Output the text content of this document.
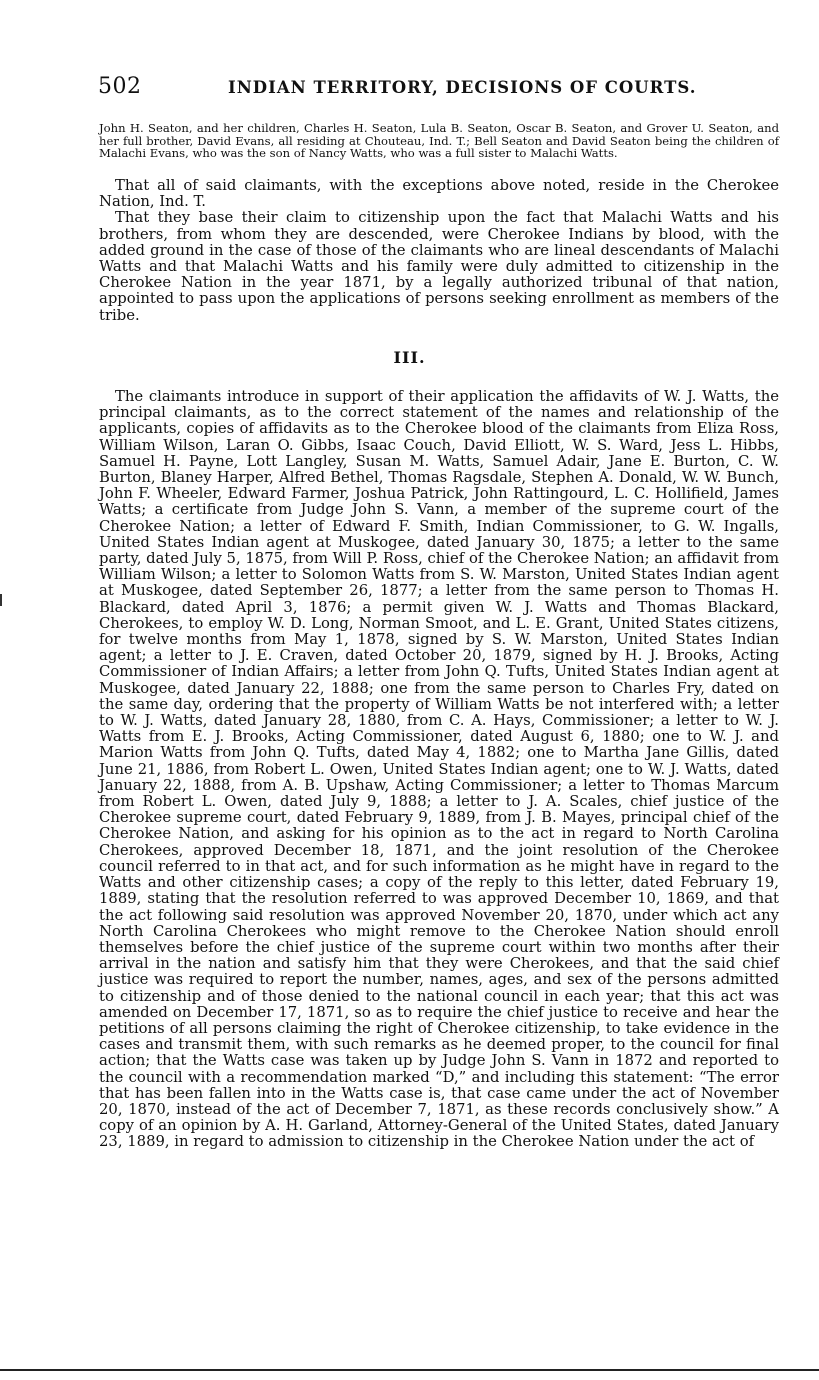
502	INDIAN TERRITORY, DECISIONS OF COURTS.
John H. Seaton, and her children, Charles H. Seaton, Lula B. Seaton, Oscar B. Seaton, and Grover U. Seaton, and her full brother, David Evans, all residing at Chouteau, Ind. T.; Bell Seaton and David Seaton being the children of Malachi Evans, who was the son of Nancy Watts, who was a full sister to Malachi Watts.

That all of said claimants, with the exceptions above noted, reside in the Cherokee Nation, Ind. T.

That they base their claim to citizenship upon the fact that Malachi Watts and his brothers, from whom they are descended, were Cherokee Indians by blood, with the added ground in the case of those of the claimants who are lineal descendants of Malachi Watts and that Malachi Watts and his family were duly admitted to citizenship in the Cherokee Nation in the year 1871, by a legally authorized tribunal of that nation, appointed to pass upon the applications of persons seeking enrollment as members of the tribe.

III.

The claimants introduce in support of their application the affidavits of W. J. Watts, the principal claimants, as to the correct statement of the names and relationship of the applicants, copies of affidavits as to the Cherokee blood of the claimants from Eliza Ross, William Wilson, Laran O. Gibbs, Isaac Couch, David Elliott, W. S. Ward, Jess L. Hibbs, Samuel H. Payne, Lott Langley, Susan M. Watts, Samuel Adair, Jane E. Burton, C. W. Burton, Blaney Harper, Alfred Bethel, Thomas Ragsdale, Stephen A. Donald, W. W. Bunch, John F. Wheeler, Edward Farmer, Joshua Patrick, John Rattingourd, L. C. Hollifield, James Watts; a certificate from Judge John S. Vann, a member of the supreme court of the Cherokee Nation; a letter of Edward F. Smith, Indian Commissioner, to G. W. Ingalls, United States Indian agent at Muskogee, dated January 30, 1875; a letter to the same party, dated July 5, 1875, from Will P. Ross, chief of the Cherokee Nation; an affidavit from William Wilson; a letter to Solomon Watts from S. W. Marston, United States Indian agent at Muskogee, dated September 26, 1877; a letter from the same person to Thomas H. Blackard, dated April 3, 1876; a permit given W. J. Watts and Thomas Blackard, Cherokees, to employ W. D. Long, Norman Smoot, and L. E. Grant, United States citizens, for twelve months from May 1, 1878, signed by S. W. Marston, United States Indian agent; a letter to J. E. Craven, dated October 20, 1879, signed by H. J. Brooks, Acting Commissioner of Indian Affairs; a letter from John Q. Tufts, United States Indian agent at Muskogee, dated January 22, 1888; one from the same person to Charles Fry, dated on the same day, ordering that the property of William Watts be not interfered with; a letter to W. J. Watts, dated January 28, 1880, from C. A. Hays, Commissioner; a letter to W. J. Watts from E. J. Brooks, Acting Commissioner, dated August 6, 1880; one to W. J. and Marion Watts from John Q. Tufts, dated May 4, 1882; one to Martha Jane Gillis, dated June 21, 1886, from Robert L. Owen, United States Indian agent; one to W. J. Watts, dated January 22, 1888, from A. B. Upshaw, Acting Commissioner; a letter to Thomas Marcum from Robert L. Owen, dated July 9, 1888; a letter to J. A. Scales, chief justice of the Cherokee supreme court, dated February 9, 1889, from J. B. Mayes, principal chief of the Cherokee Nation, and asking for his opinion as to the act in regard to North Carolina Cherokees, approved December 18, 1871, and the joint resolution of the Cherokee council referred to in that act, and for such information as he might have in regard to the Watts and other citizenship cases; a copy of the reply to this letter, dated February 19, 1889, stating that the resolution referred to was approved December 10, 1869, and that the act following said resolution was approved November 20, 1870, under which act any North Carolina Cherokees who might remove to the Cherokee Nation should enroll themselves before the chief justice of the supreme court within two months after their arrival in the nation and satisfy him that they were Cherokees, and that the said chief justice was required to report the number, names, ages, and sex of the persons admitted to citizenship and of those denied to the national council in each year; that this act was amended on December 17, 1871, so as to require the chief justice to receive and hear the petitions of all persons claiming the right of Cherokee citizenship, to take evidence in the cases and transmit them, with such remarks as he deemed proper, to the council for final action; that the Watts case was taken up by Judge John S. Vann in 1872 and reported to the council with a recommendation marked “D,” and including this statement: “The error that has been fallen into in the Watts case is, that case came under the act of November 20, 1870, instead of the act of December 7, 1871, as these records conclusively show.” A copy of an opinion by A. H. Garland, Attorney-General of the United States, dated January 23, 1889, in regard to admission to citizenship in the Cherokee Nation under the act of
